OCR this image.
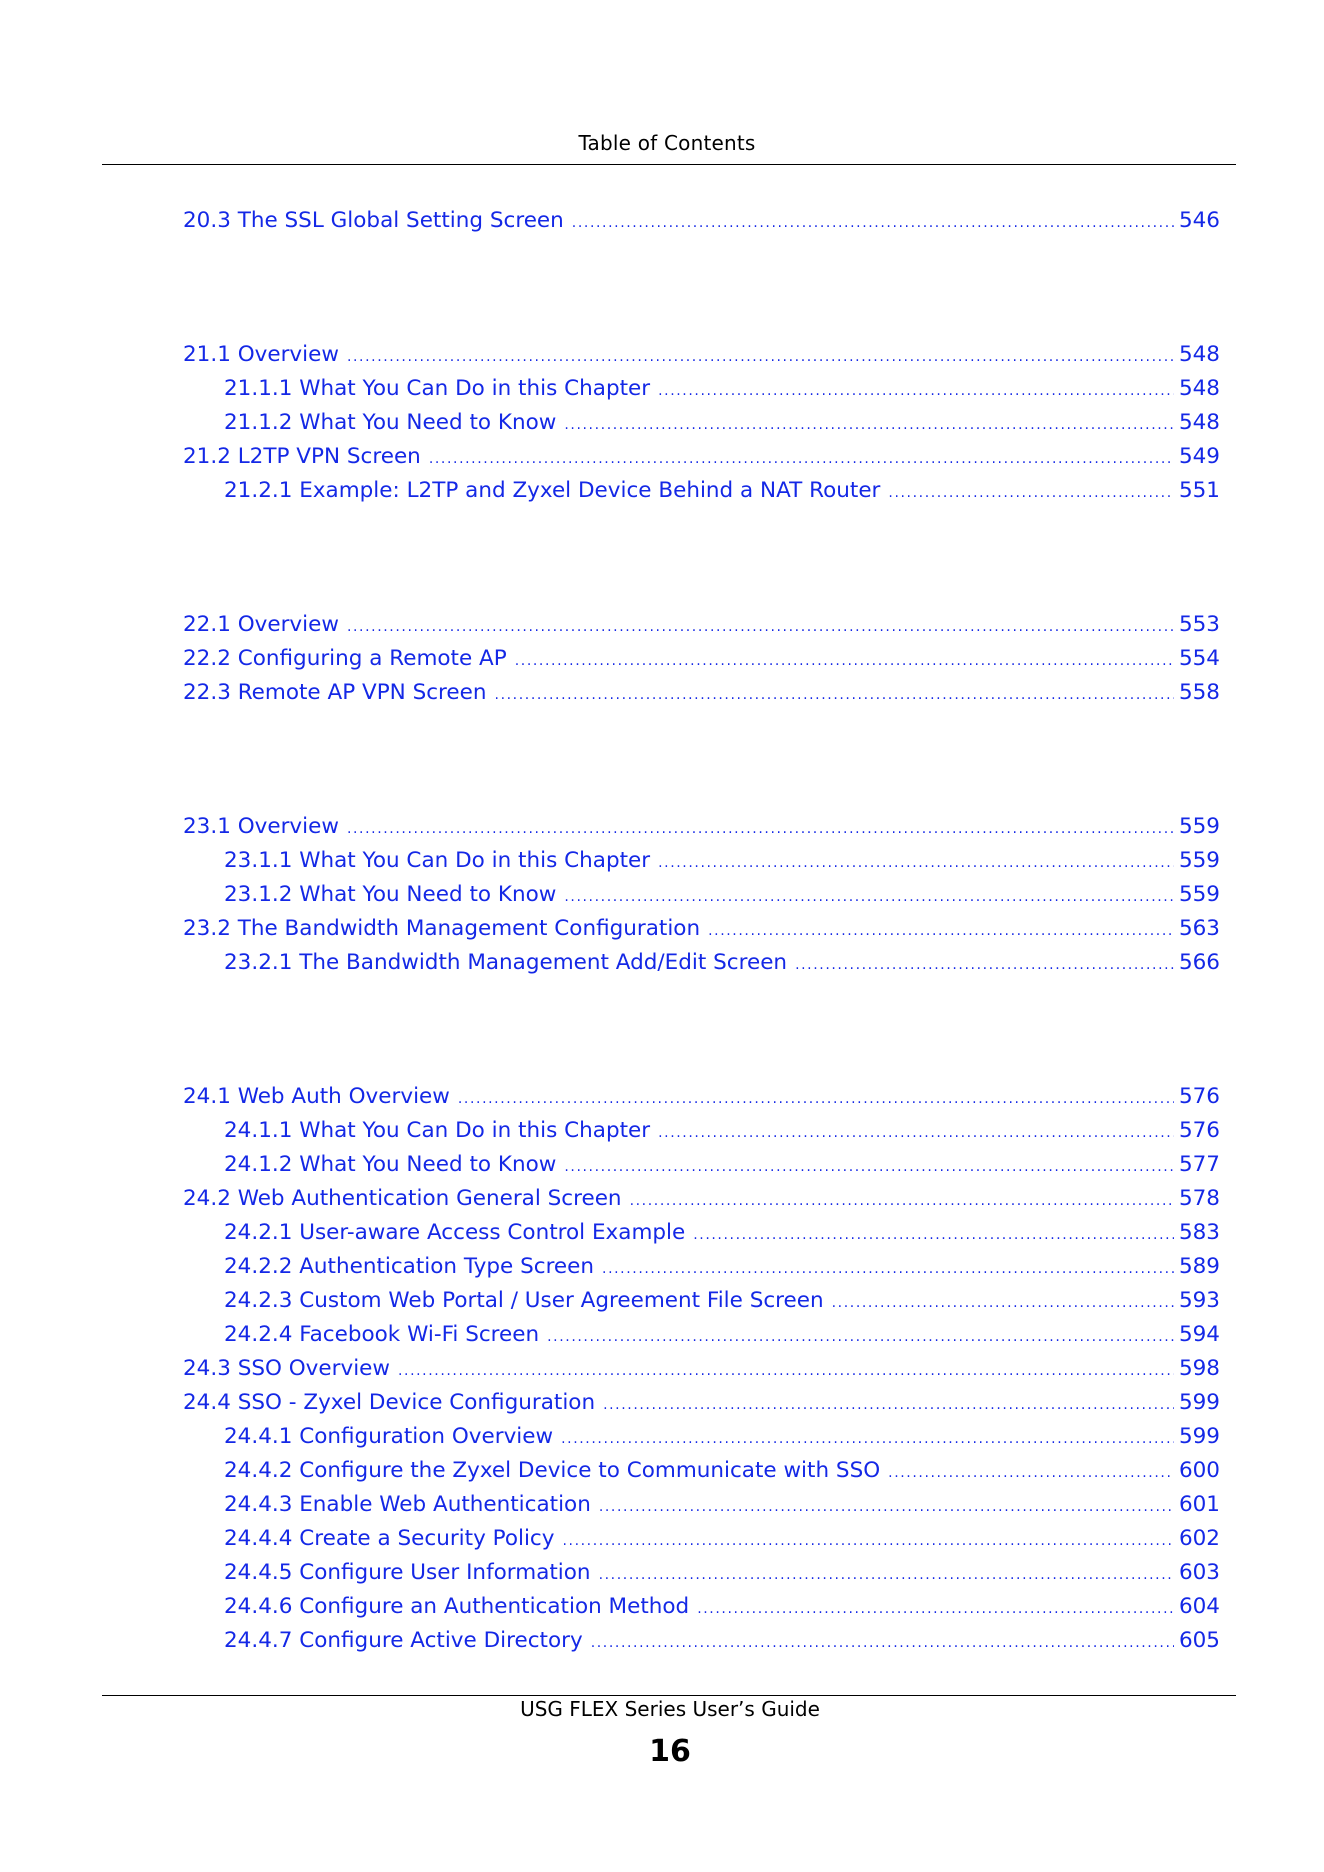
Table of Contents
20.3 The SSL Global Setting Screen .....	546
21.1 Overview .....	548
21.1.1 What You Can Do in this Chapter .....	548
21.1.2 What You Need to Know .....	548
21.2 L2TP VPN Screen .....	549
21.2.1 Example: L2TP and Zyxel Device Behind a NAT Router .....	551
22.1 Overview .....	553
22.2 Configuring a Remote AP .....	554
22.3 Remote AP VPN Screen .....	558
23.1 Overview .....	559
23.1.1 What You Can Do in this Chapter .....	559
23.1.2 What You Need to Know .....	559
23.2 The Bandwidth Management Configuration .....	563
23.2.1 The Bandwidth Management Add/Edit Screen .....	566
24.1 Web Auth Overview .....	576
24.1.1 What You Can Do in this Chapter .....	576
24.1.2 What You Need to Know .....	577
24.2 Web Authentication General Screen .....	578
24.2.1 User-aware Access Control Example .....	583
24.2.2 Authentication Type Screen .....	589
24.2.3 Custom Web Portal / User Agreement File Screen .....	593
24.2.4 Facebook Wi-Fi Screen .....	594
24.3 SSO Overview .....	598
24.4 SSO - Zyxel Device Configuration .....	599
24.4.1 Configuration Overview .....	599
24.4.2 Configure the Zyxel Device to Communicate with SSO .....	600
24.4.3 Enable Web Authentication .....	601
24.4.4 Create a Security Policy .....	602
24.4.5 Configure User Information .....	603
24.4.6 Configure an Authentication Method .....	604
24.4.7 Configure Active Directory .....	605
USG FLEX Series User’s Guide
16
